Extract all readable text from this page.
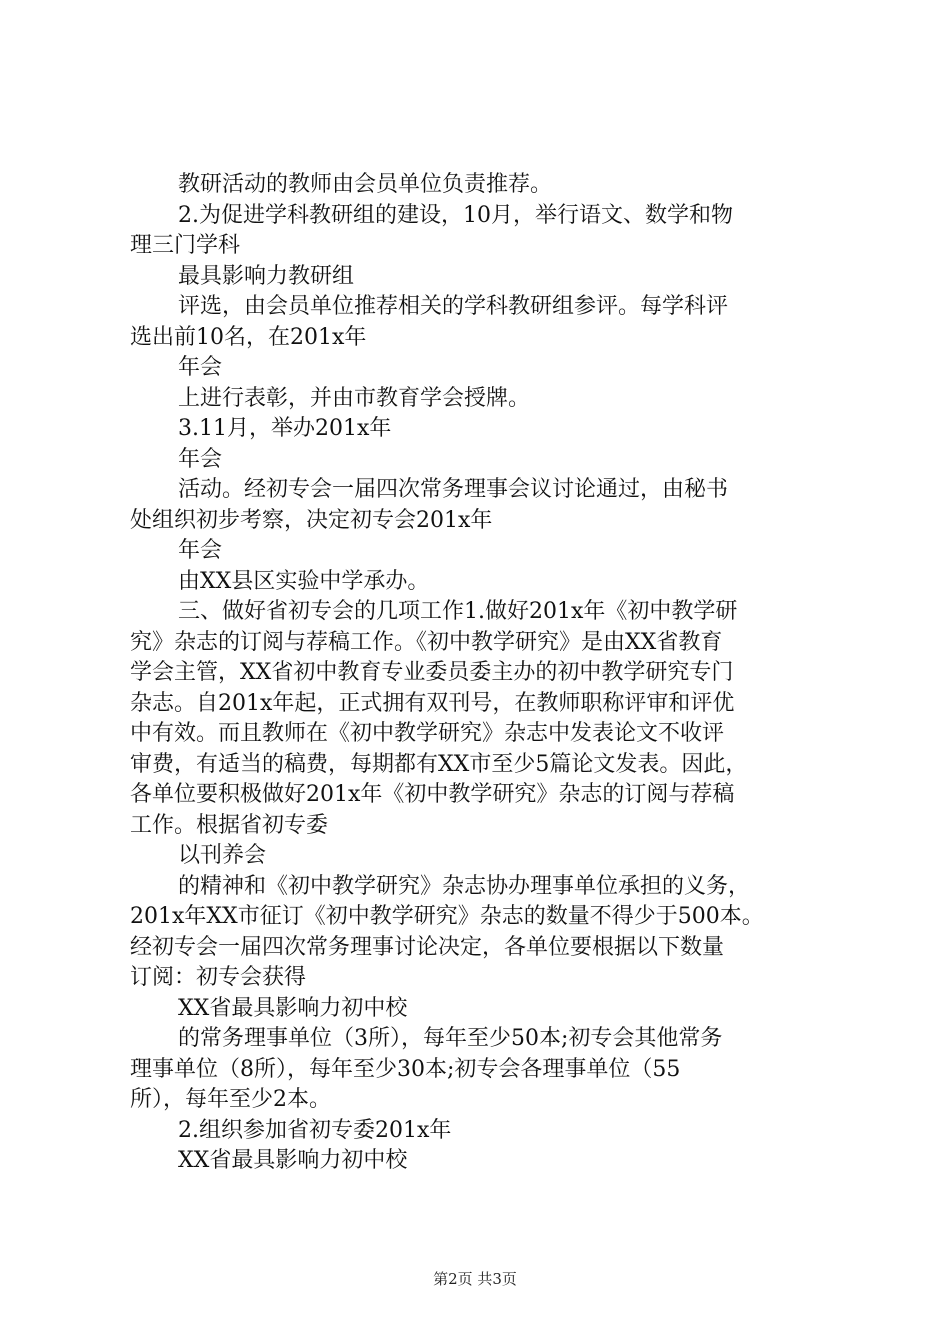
教研活动的教师由会员单位负责推荐。
2.为促进学科教研组的建设，10月，举行语文、数学和物
理三门学科
最具影响力教研组
评选，由会员单位推荐相关的学科教研组参评。每学科评
选出前10名，在201x年
年会
上进行表彰，并由市教育学会授牌。
3.11月，举办201x年
年会
活动。经初专会一届四次常务理事会议讨论通过，由秘书
处组织初步考察，决定初专会201x年
年会
由XX县区实验中学承办。
三、做好省初专会的几项工作1.做好201x年《初中教学研
究》杂志的订阅与荐稿工作。《初中教学研究》是由XX省教育
学会主管，XX省初中教育专业委员委主办的初中教学研究专门
杂志。自201x年起，正式拥有双刊号，在教师职称评审和评优
中有效。而且教师在《初中教学研究》杂志中发表论文不收评
审费，有适当的稿费，每期都有XX市至少5篇论文发表。因此，
各单位要积极做好201x年《初中教学研究》杂志的订阅与荐稿
工作。根据省初专委
以刊养会
的精神和《初中教学研究》杂志协办理事单位承担的义务，
201x年XX市征订《初中教学研究》杂志的数量不得少于500本。
经初专会一届四次常务理事讨论决定，各单位要根据以下数量
订阅：初专会获得
XX省最具影响力初中校
的常务理事单位（3所），每年至少50本;初专会其他常务
理事单位（8所），每年至少30本;初专会各理事单位（55
所），每年至少2本。
2.组织参加省初专委201x年
XX省最具影响力初中校
第2页 共3页
